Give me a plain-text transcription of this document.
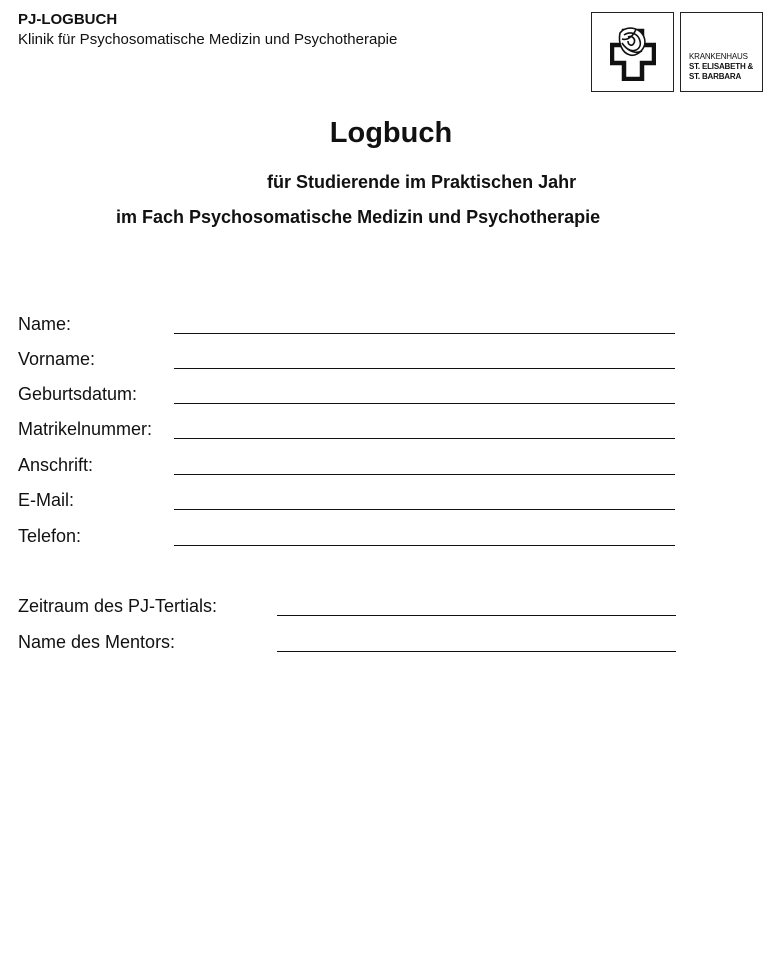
PJ-LOGBUCH
Klinik für Psychosomatische Medizin und Psychotherapie
KRANKENHAUS
ST. ELISABETH &
ST. BARBARA
Logbuch
für Studierende im Praktischen Jahr
im Fach Psychosomatische Medizin und Psychotherapie
Name:
Vorname:
Geburtsdatum:
Matrikelnummer:
Anschrift:
E-Mail:
Telefon:
Zeitraum des PJ-Tertials:
Name des Mentors:
